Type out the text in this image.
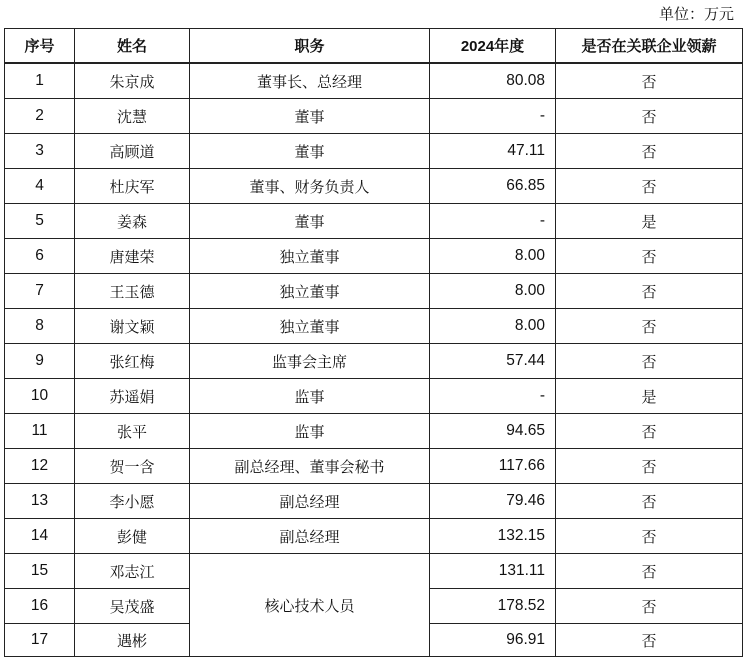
单位：万元
序号	姓名	职务	2024年度	是否在关联企业领薪
1	朱京成	董事长、总经理	80.08	否
2	沈慧	董事	-	否
3	高顾道	董事	47.11	否
4	杜庆军	董事、财务负责人	66.85	否
5	姜森	董事	-	是
6	唐建荣	独立董事	8.00	否
7	王玉德	独立董事	8.00	否
8	谢文颖	独立董事	8.00	否
9	张红梅	监事会主席	57.44	否
10	苏遥娟	监事	-	是
11	张平	监事	94.65	否
12	贺一含	副总经理、董事会秘书	117.66	否
13	李小愿	副总经理	79.46	否
14	彭健	副总经理	132.15	否
15	邓志江	核心技术人员	131.11	否
16	吴茂盛		178.52	否
17	遇彬		96.91	否
